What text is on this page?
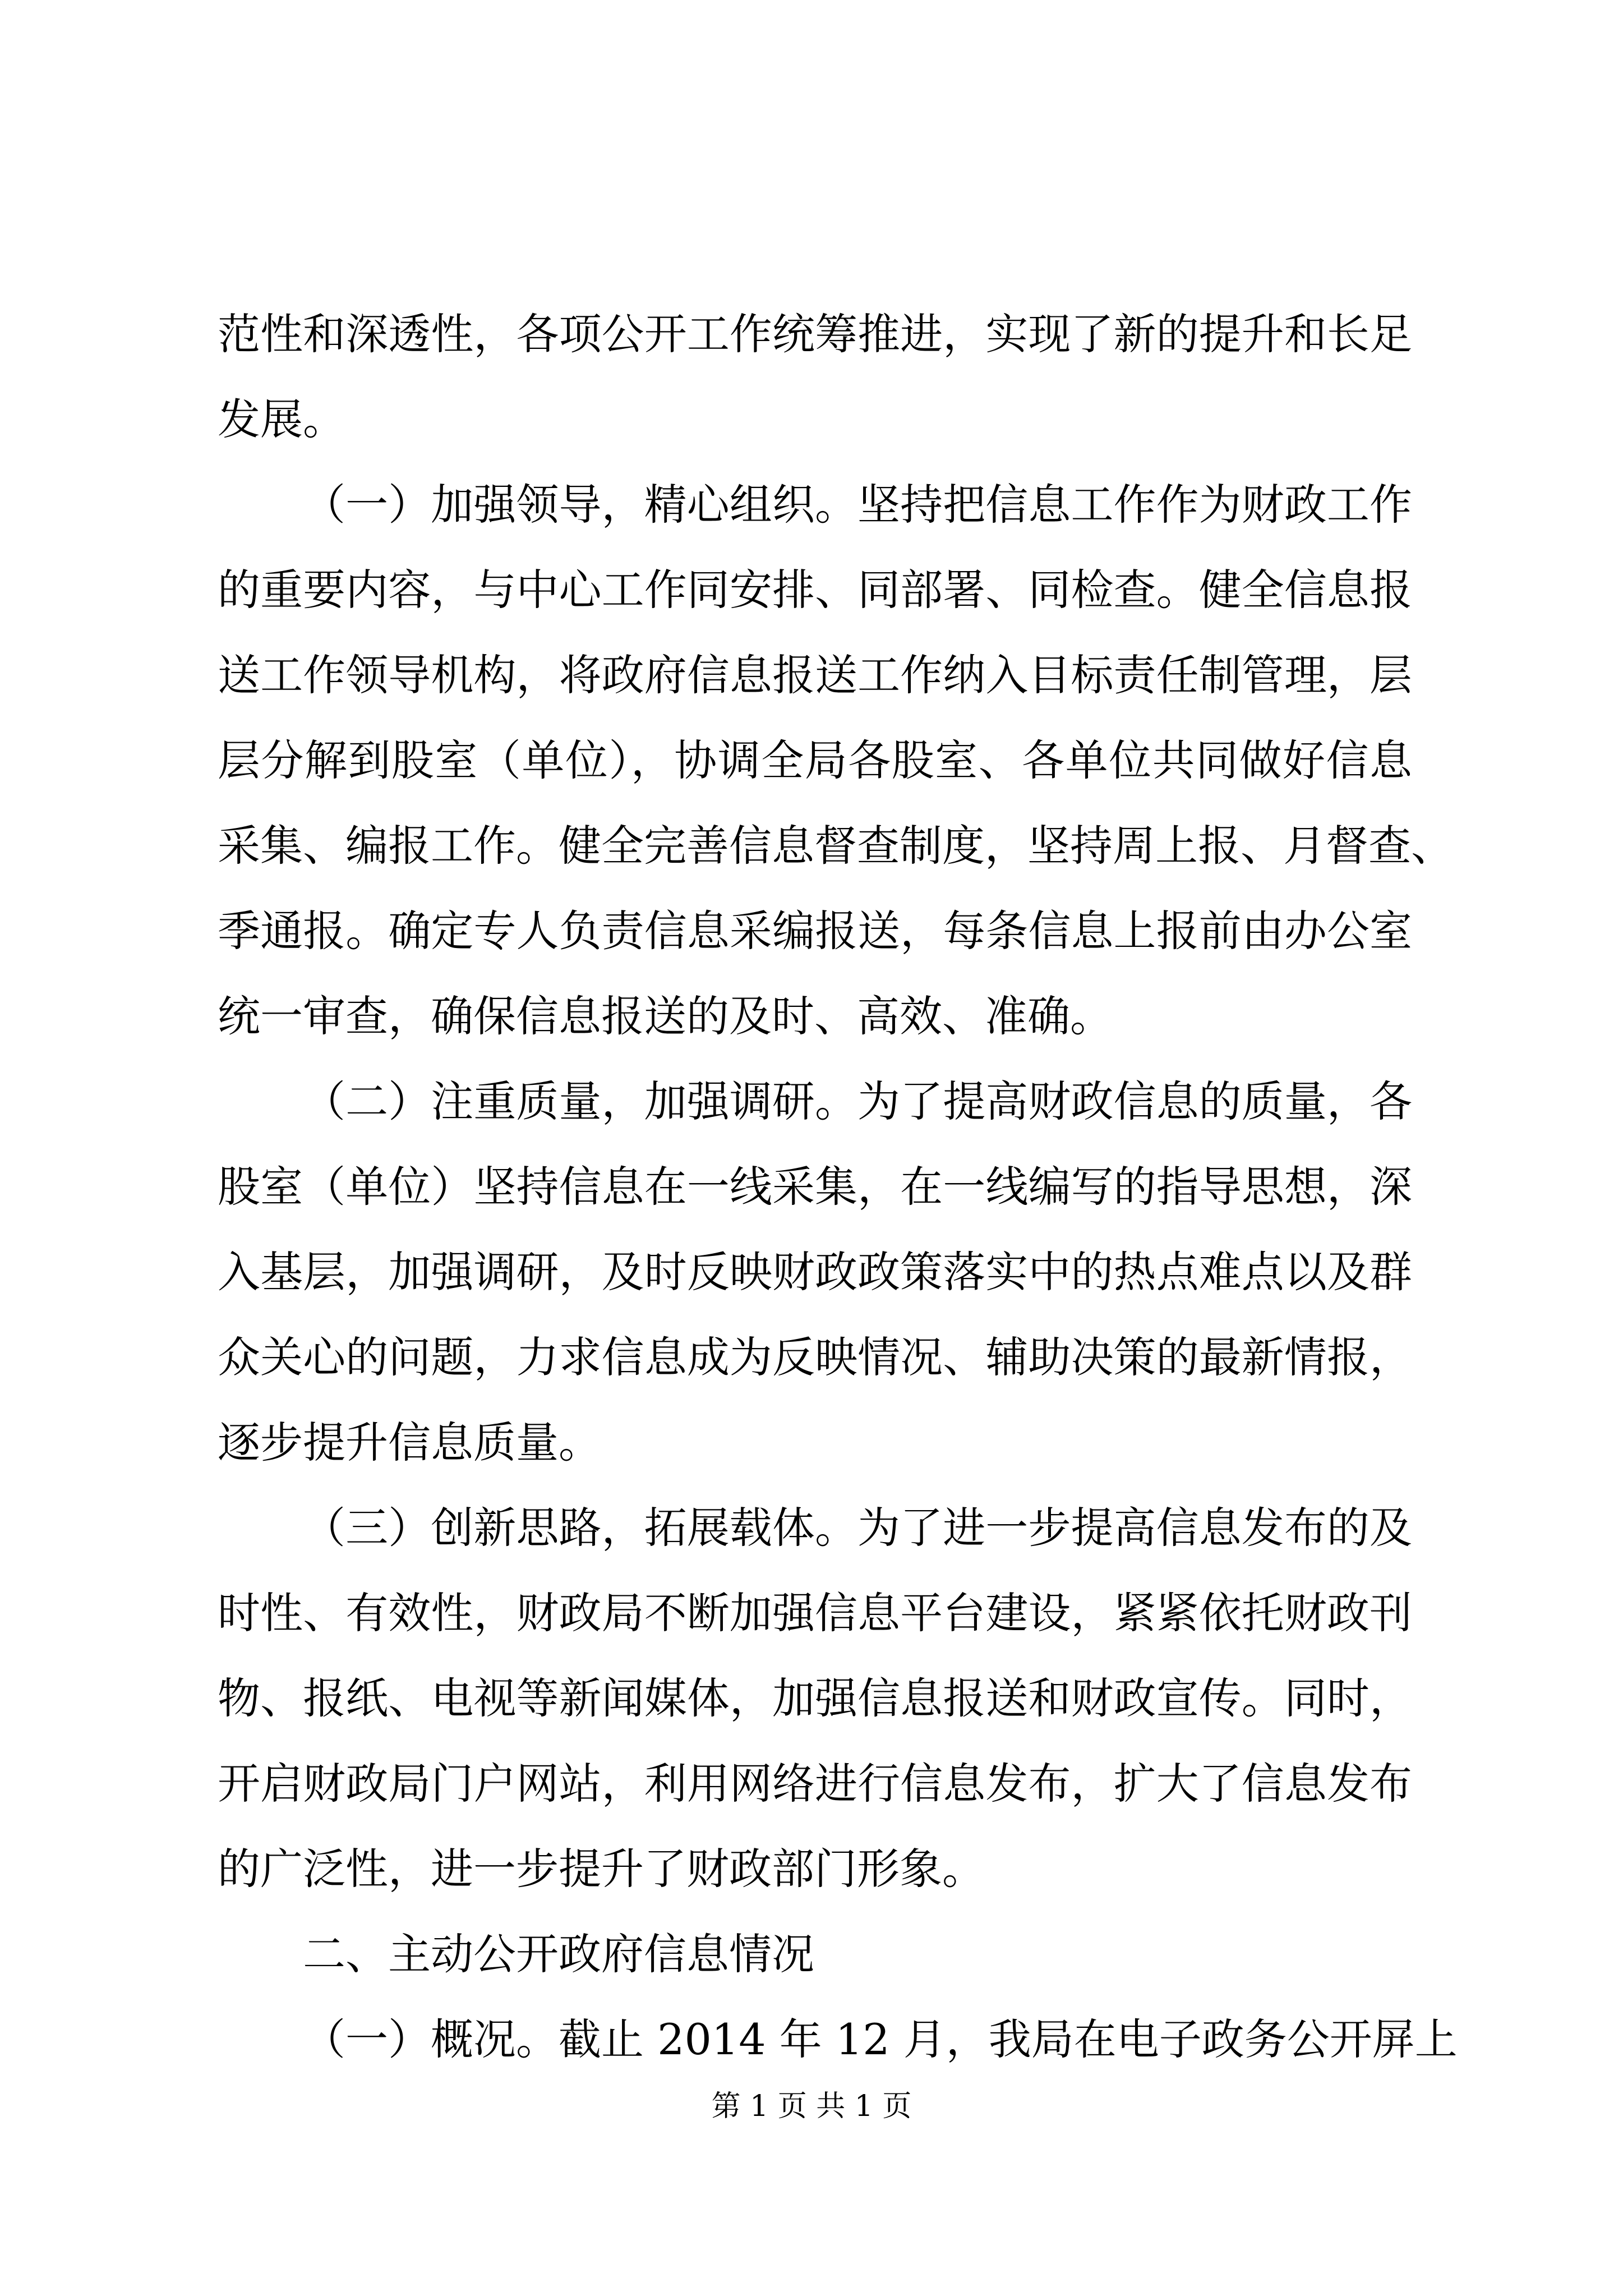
范性和深透性，各项公开工作统筹推进，实现了新的提升和长足
发展。
（一）加强领导，精心组织。坚持把信息工作作为财政工作
的重要内容，与中心工作同安排、同部署、同检查。健全信息报
送工作领导机构，将政府信息报送工作纳入目标责任制管理，层
层分解到股室（单位），协调全局各股室、各单位共同做好信息
采集、编报工作。健全完善信息督查制度，坚持周上报、月督查、
季通报。确定专人负责信息采编报送，每条信息上报前由办公室
统一审查，确保信息报送的及时、高效、准确。
（二）注重质量，加强调研。为了提高财政信息的质量，各
股室（单位）坚持信息在一线采集，在一线编写的指导思想，深
入基层，加强调研，及时反映财政政策落实中的热点难点以及群
众关心的问题，力求信息成为反映情况、辅助决策的最新情报，
逐步提升信息质量。
（三）创新思路，拓展载体。为了进一步提高信息发布的及
时性、有效性，财政局不断加强信息平台建设，紧紧依托财政刊
物、报纸、电视等新闻媒体，加强信息报送和财政宣传。同时，
开启财政局门户网站，利用网络进行信息发布，扩大了信息发布
的广泛性，进一步提升了财政部门形象。
二、主动公开政府信息情况
（一）概况。截止 2014 年 12 月，我局在电子政务公开屏上
第 1 页 共 1 页
